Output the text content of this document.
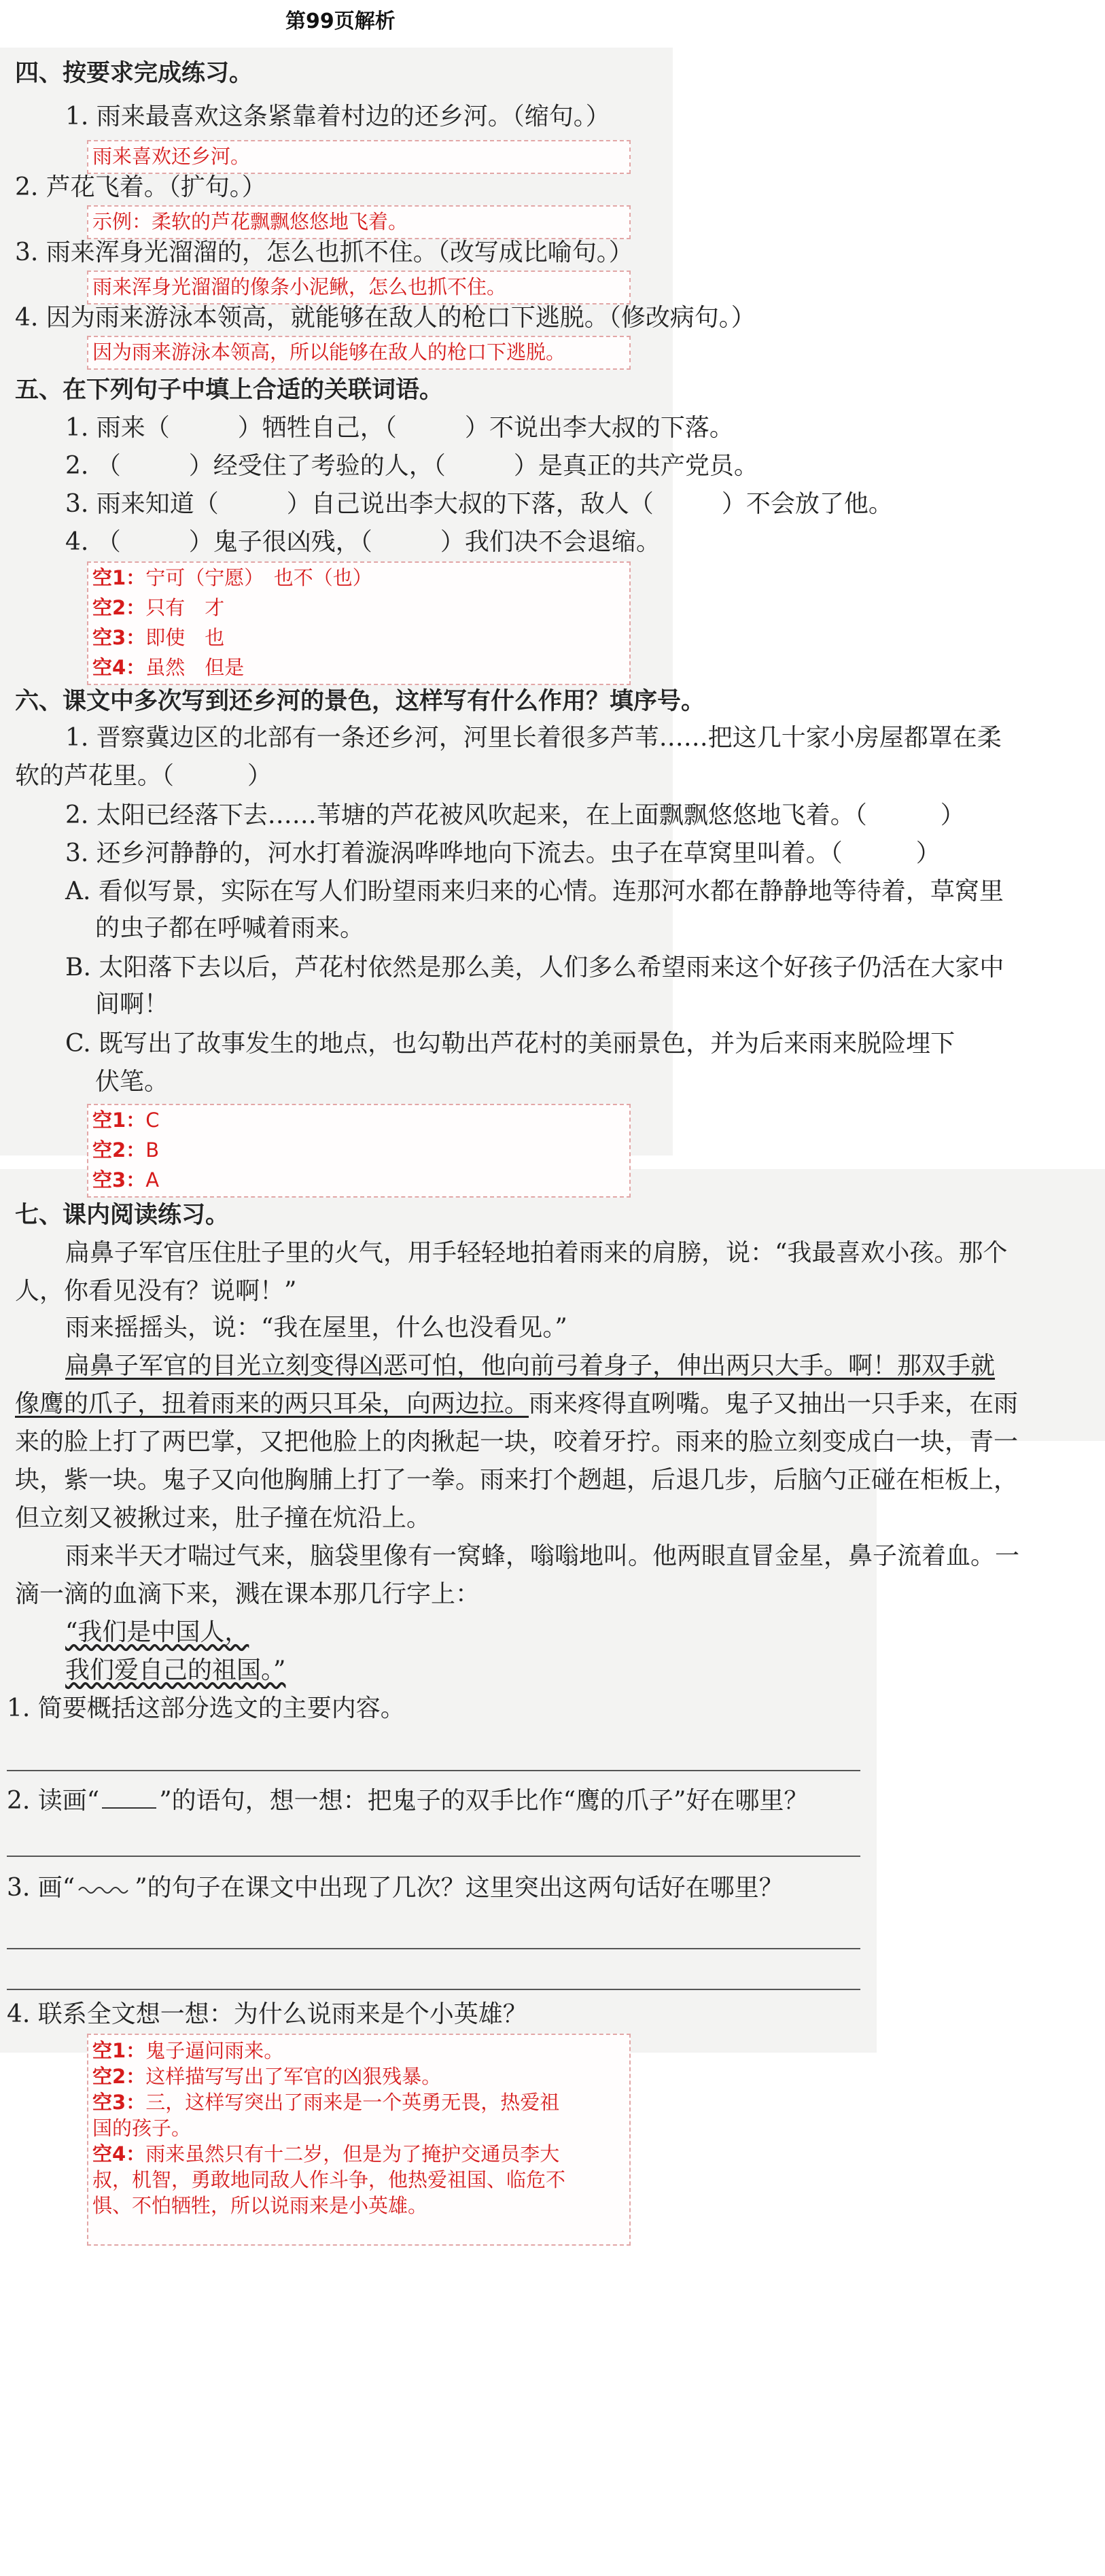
第99页解析
四、按要求完成练习。
1. 雨来最喜欢这条紧靠着村边的还乡河。（缩句。）
雨来喜欢还乡河。
2. 芦花飞着。（扩句。）
示例：柔软的芦花飘飘悠悠地飞着。
3. 雨来浑身光溜溜的，怎么也抓不住。（改写成比喻句。）
雨来浑身光溜溜的像条小泥鳅，怎么也抓不住。
4. 因为雨来游泳本领高，就能够在敌人的枪口下逃脱。（修改病句。）
因为雨来游泳本领高，所以能够在敌人的枪口下逃脱。
五、在下列句子中填上合适的关联词语。
1. 雨来（	）牺牲自己，（	）不说出李大叔的下落。
2. （	）经受住了考验的人，（	）是真正的共产党员。
3. 雨来知道（	）自己说出李大叔的下落，敌人（	）不会放了他。
4. （	）鬼子很凶残，（	）我们决不会退缩。
空1：宁可（宁愿）　也不（也）
空2：只有　才
空3：即使　也
空4：虽然　但是
六、课文中多次写到还乡河的景色，这样写有什么作用？填序号。
1. 晋察冀边区的北部有一条还乡河，河里长着很多芦苇……把这几十家小房屋都罩在柔
软的芦花里。（　　　）
2. 太阳已经落下去……苇塘的芦花被风吹起来，在上面飘飘悠悠地飞着。（　　　）
3. 还乡河静静的，河水打着漩涡哗哗地向下流去。虫子在草窝里叫着。（　　　）
A. 看似写景，实际在写人们盼望雨来归来的心情。连那河水都在静静地等待着，草窝里
的虫子都在呼喊着雨来。
B. 太阳落下去以后，芦花村依然是那么美，人们多么希望雨来这个好孩子仍活在大家中
间啊！
C. 既写出了故事发生的地点，也勾勒出芦花村的美丽景色，并为后来雨来脱险埋下
伏笔。
空1：C
空2：B
空3：A
七、课内阅读练习。
扁鼻子军官压住肚子里的火气，用手轻轻地拍着雨来的肩膀，说：“我最喜欢小孩。那个
人，你看见没有？说啊！”
雨来摇摇头，说：“我在屋里，什么也没看见。”
扁鼻子军官的目光立刻变得凶恶可怕，他向前弓着身子，伸出两只大手。啊！那双手就
像鹰的爪子，扭着雨来的两只耳朵，向两边拉。雨来疼得直咧嘴。鬼子又抽出一只手来，在雨
来的脸上打了两巴掌，又把他脸上的肉揪起一块，咬着牙拧。雨来的脸立刻变成白一块，青一
块，紫一块。鬼子又向他胸脯上打了一拳。雨来打个趔趄，后退几步，后脑勺正碰在柜板上，
但立刻又被揪过来，肚子撞在炕沿上。
雨来半天才喘过气来，脑袋里像有一窝蜂，嗡嗡地叫。他两眼直冒金星，鼻子流着血。一
滴一滴的血滴下来，溅在课本那几行字上：
“我们是中国人，
我们爱自己的祖国。”
1. 简要概括这部分选文的主要内容。
2. 读画“ ”的语句，想一想：把鬼子的双手比作“鹰的爪子”好在哪里？
3. 画“ ”的句子在课文中出现了几次？这里突出这两句话好在哪里？
4. 联系全文想一想：为什么说雨来是个小英雄？
空1：鬼子逼问雨来。
空2：这样描写写出了军官的凶狠残暴。
空3：三，这样写突出了雨来是一个英勇无畏，热爱祖
国的孩子。
空4：雨来虽然只有十二岁，但是为了掩护交通员李大
叔，机智，勇敢地同敌人作斗争，他热爱祖国、临危不
惧、不怕牺牲，所以说雨来是小英雄。
